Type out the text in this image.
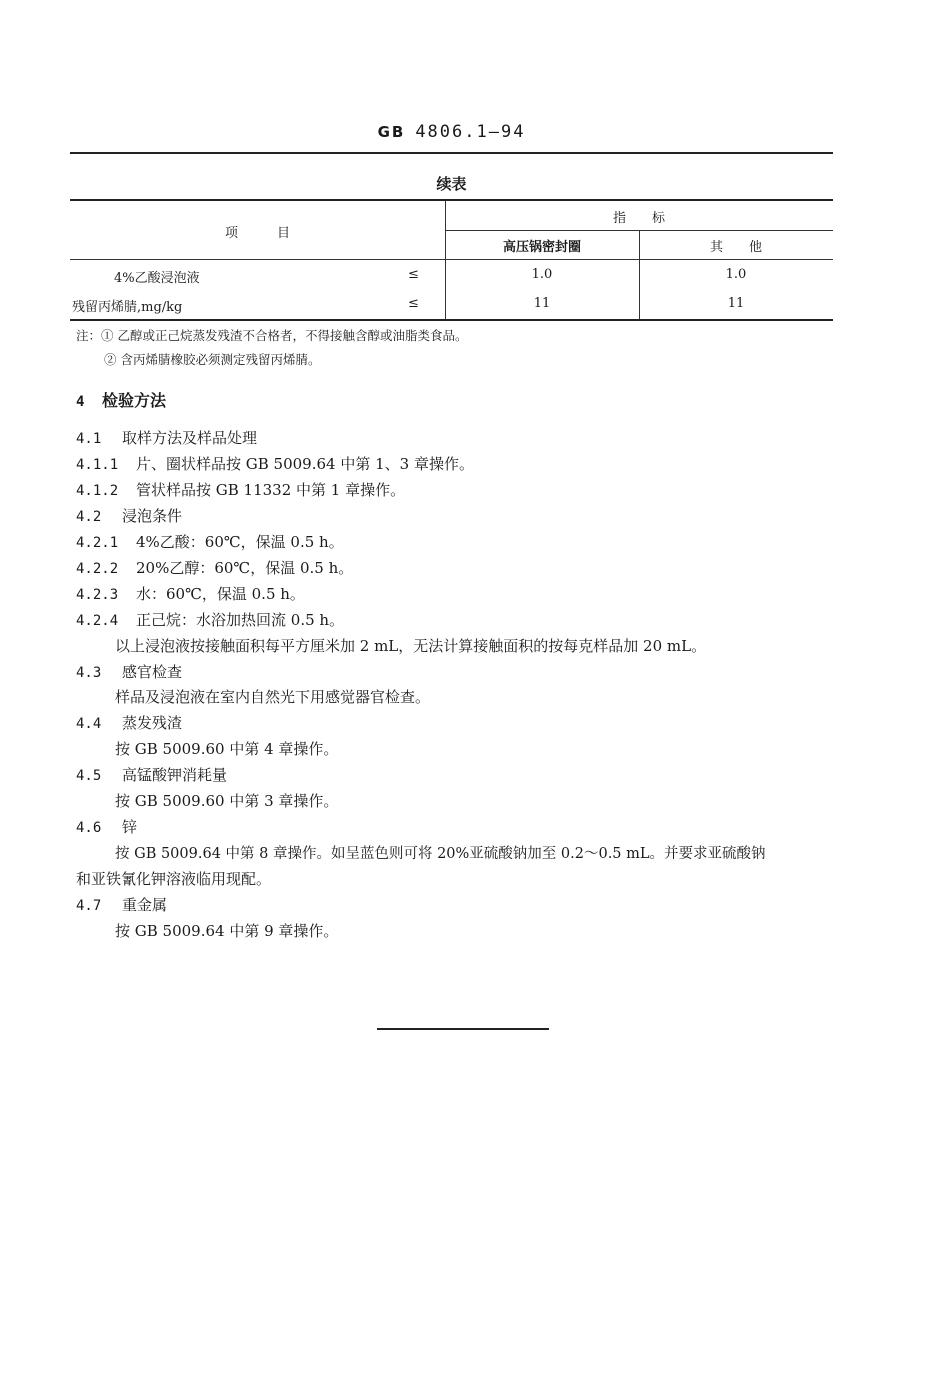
GB 4806.1—94
续表
项　　　目
指　　标
高压锅密封圈	其　　他
4%乙酸浸泡液	≤	1.0	1.0
残留丙烯腈,mg/kg	≤	11	11
注：① 乙醇或正己烷蒸发残渣不合格者，不得接触含醇或油脂类食品。
② 含丙烯腈橡胶必须测定残留丙烯腈。
4 检验方法
4.1 取样方法及样品处理
4.1.1 片、圈状样品按 GB 5009.64 中第 1、3 章操作。
4.1.2 管状样品按 GB 11332 中第 1 章操作。
4.2 浸泡条件
4.2.1 4%乙酸：60℃，保温 0.5 h。
4.2.2 20%乙醇：60℃，保温 0.5 h。
4.2.3 水：60℃，保温 0.5 h。
4.2.4 正己烷：水浴加热回流 0.5 h。
以上浸泡液按接触面积每平方厘米加 2 mL，无法计算接触面积的按每克样品加 20 mL。
4.3 感官检查
样品及浸泡液在室内自然光下用感觉器官检查。
4.4 蒸发残渣
按 GB 5009.60 中第 4 章操作。
4.5 高锰酸钾消耗量
按 GB 5009.60 中第 3 章操作。
4.6 锌
按 GB 5009.64 中第 8 章操作。如呈蓝色则可将 20%亚硫酸钠加至 0.2～0.5 mL。并要求亚硫酸钠
和亚铁氰化钾溶液临用现配。
4.7 重金属
按 GB 5009.64 中第 9 章操作。
